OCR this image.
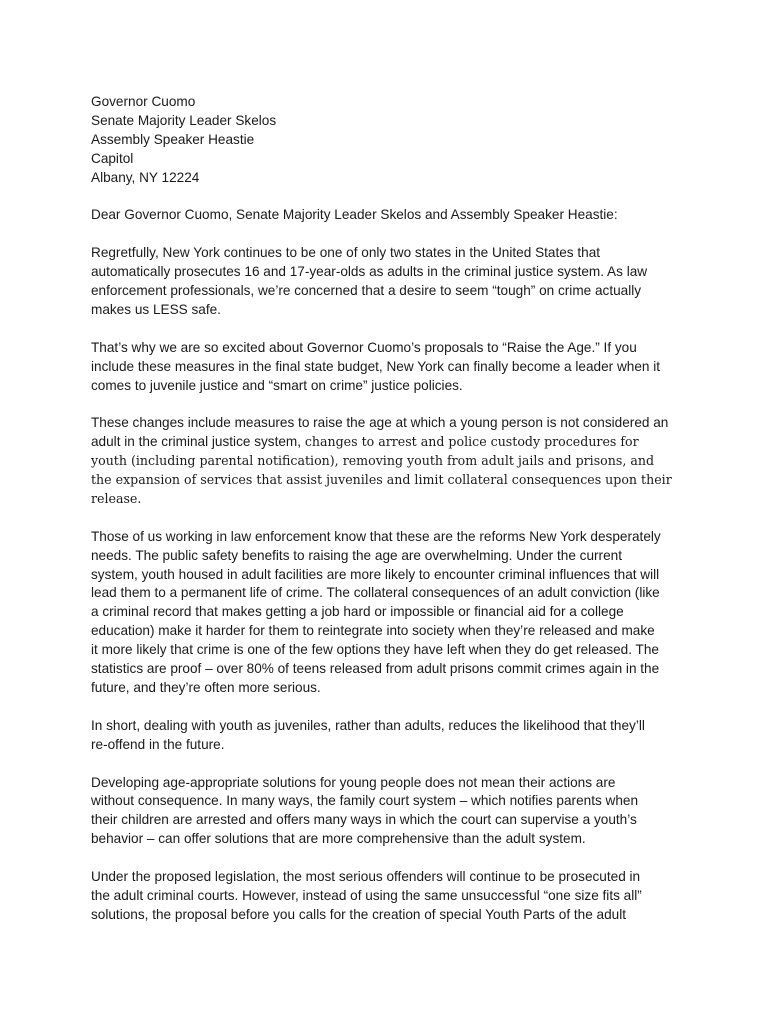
Governor Cuomo

Senate Majority Leader Skelos

Assembly Speaker Heastie

Capitol

Albany, NY 12224

Dear Governor Cuomo, Senate Majority Leader Skelos and Assembly Speaker Heastie:

Regretfully, New York continues to be one of only two states in the United States that
automatically prosecutes 16 and 17-year-olds as adults in the criminal justice system. As law
enforcement professionals, we’re concerned that a desire to seem “tough” on crime actually
makes us LESS safe.

That’s why we are so excited about Governor Cuomo’s proposals to “Raise the Age.” If you
include these measures in the final state budget, New York can finally become a leader when it
comes to juvenile justice and “smart on crime” justice policies.

These changes include measures to raise the age at which a young person is not considered an
adult in the criminal justice system, changes to arrest and police custody procedures for
youth (including parental notification), removing youth from adult jails and prisons, and
the expansion of services that assist juveniles and limit collateral consequences upon their
release.

Those of us working in law enforcement know that these are the reforms New York desperately
needs. The public safety benefits to raising the age are overwhelming. Under the current
system, youth housed in adult facilities are more likely to encounter criminal influences that will
lead them to a permanent life of crime. The collateral consequences of an adult conviction (like
a criminal record that makes getting a job hard or impossible or financial aid for a college
education) make it harder for them to reintegrate into society when they’re released and make
it more likely that crime is one of the few options they have left when they do get released. The
statistics are proof – over 80% of teens released from adult prisons commit crimes again in the
future, and they’re often more serious.

In short, dealing with youth as juveniles, rather than adults, reduces the likelihood that they’ll
re-offend in the future.

Developing age-appropriate solutions for young people does not mean their actions are
without consequence. In many ways, the family court system – which notifies parents when
their children are arrested and offers many ways in which the court can supervise a youth’s
behavior – can offer solutions that are more comprehensive than the adult system.

Under the proposed legislation, the most serious offenders will continue to be prosecuted in
the adult criminal courts. However, instead of using the same unsuccessful “one size fits all”
solutions, the proposal before you calls for the creation of special Youth Parts of the adult
